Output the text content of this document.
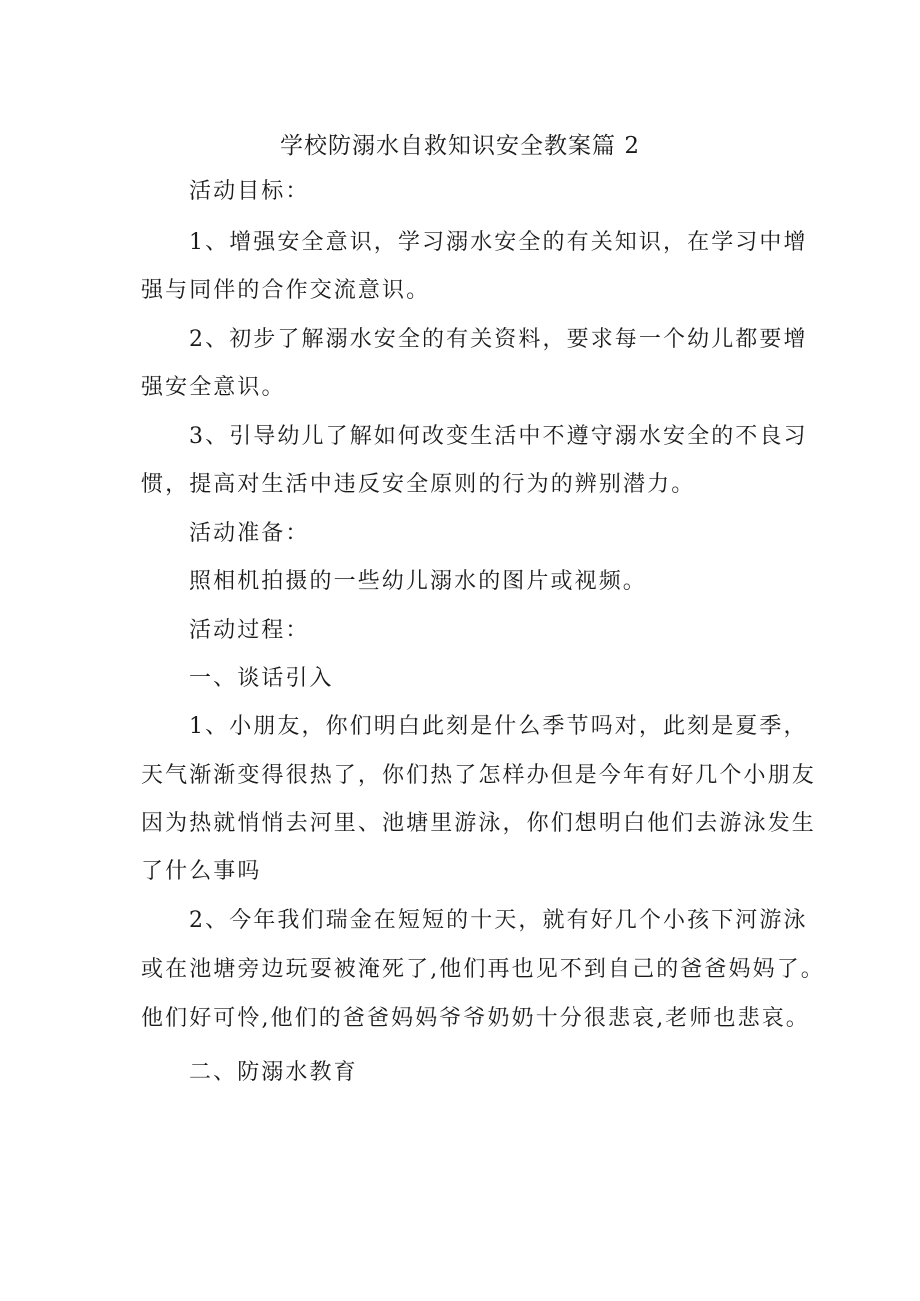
学校防溺水自救知识安全教案篇 2
活动目标：
1、增强安全意识，学习溺水安全的有关知识，在学习中增
强与同伴的合作交流意识。
2、初步了解溺水安全的有关资料，要求每一个幼儿都要增
强安全意识。
3、引导幼儿了解如何改变生活中不遵守溺水安全的不良习
惯，提高对生活中违反安全原则的行为的辨别潜力。
活动准备：
照相机拍摄的一些幼儿溺水的图片或视频。
活动过程：
一、谈话引入
1、小朋友，你们明白此刻是什么季节吗对，此刻是夏季，
天气渐渐变得很热了，你们热了怎样办但是今年有好几个小朋友
因为热就悄悄去河里、池塘里游泳，你们想明白他们去游泳发生
了什么事吗
2、今年我们瑞金在短短的十天，就有好几个小孩下河游泳
或在池塘旁边玩耍被淹死了,他们再也见不到自己的爸爸妈妈了。
他们好可怜,他们的爸爸妈妈爷爷奶奶十分很悲哀,老师也悲哀。
二、防溺水教育
